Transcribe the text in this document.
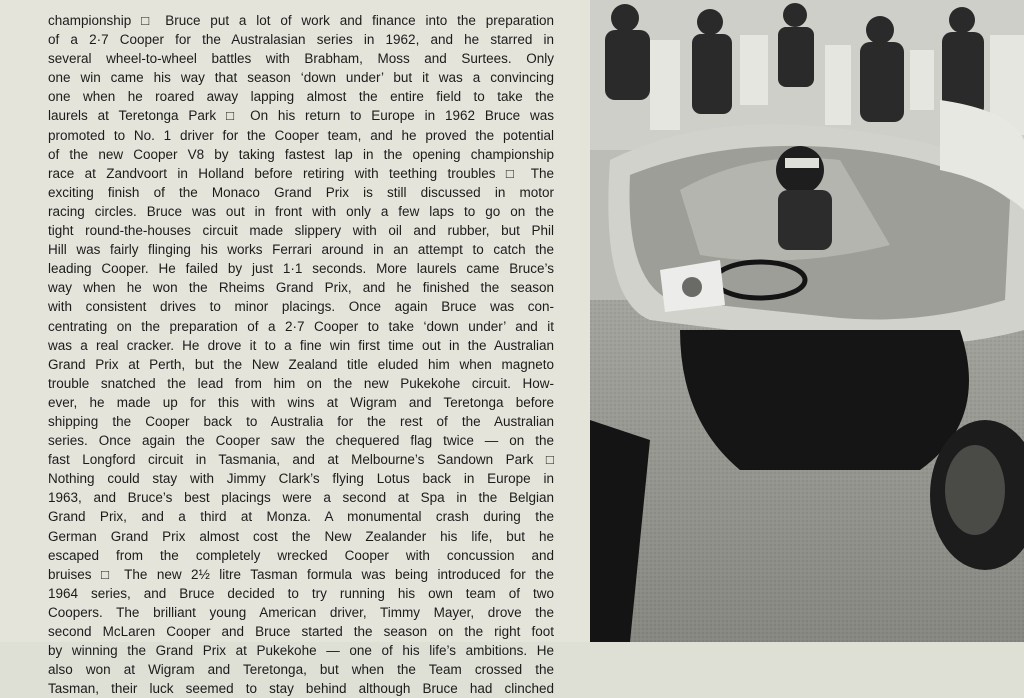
championship □ Bruce put a lot of work and finance into the preparation
of a 2·7 Cooper for the Australasian series in 1962, and he starred in
several wheel-to-wheel battles with Brabham, Moss and Surtees. Only
one win came his way that season ‘down under’ but it was a convincing
one when he roared away lapping almost the entire field to take the
laurels at Teretonga Park □ On his return to Europe in 1962 Bruce was
promoted to No. 1 driver for the Cooper team, and he proved the potential
of the new Cooper V8 by taking fastest lap in the opening championship
race at Zandvoort in Holland before retiring with teething troubles □ The
exciting finish of the Monaco Grand Prix is still discussed in motor
racing circles. Bruce was out in front with only a few laps to go on the
tight round-the-houses circuit made slippery with oil and rubber, but Phil
Hill was fairly flinging his works Ferrari around in an attempt to catch the
leading Cooper. He failed by just 1·1 seconds. More laurels came Bruce’s
way when he won the Rheims Grand Prix, and he finished the season
with consistent drives to minor placings. Once again Bruce was con-
centrating on the preparation of a 2·7 Cooper to take ‘down under’ and it
was a real cracker. He drove it to a fine win first time out in the Australian
Grand Prix at Perth, but the New Zealand title eluded him when magneto
trouble snatched the lead from him on the new Pukekohe circuit. How-
ever, he made up for this with wins at Wigram and Teretonga before
shipping the Cooper back to Australia for the rest of the Australian
series. Once again the Cooper saw the chequered flag twice — on the
fast Longford circuit in Tasmania, and at Melbourne’s Sandown Park □
Nothing could stay with Jimmy Clark’s flying Lotus back in Europe in
1963, and Bruce’s best placings were a second at Spa in the Belgian
Grand Prix, and a third at Monza. A monumental crash during the
German Grand Prix almost cost the New Zealander his life, but he
escaped from the completely wrecked Cooper with concussion and
bruises □ The new 2½ litre Tasman formula was being introduced for the
1964 series, and Bruce decided to try running his own team of two
Coopers. The brilliant young American driver, Timmy Mayer, drove the
second McLaren Cooper and Bruce started the season on the right foot
by winning the Grand Prix at Pukekohe — one of his life’s ambitions. He
also won at Wigram and Teretonga, but when the Team crossed the
Tasman, their luck seemed to stay behind although Bruce had clinched
